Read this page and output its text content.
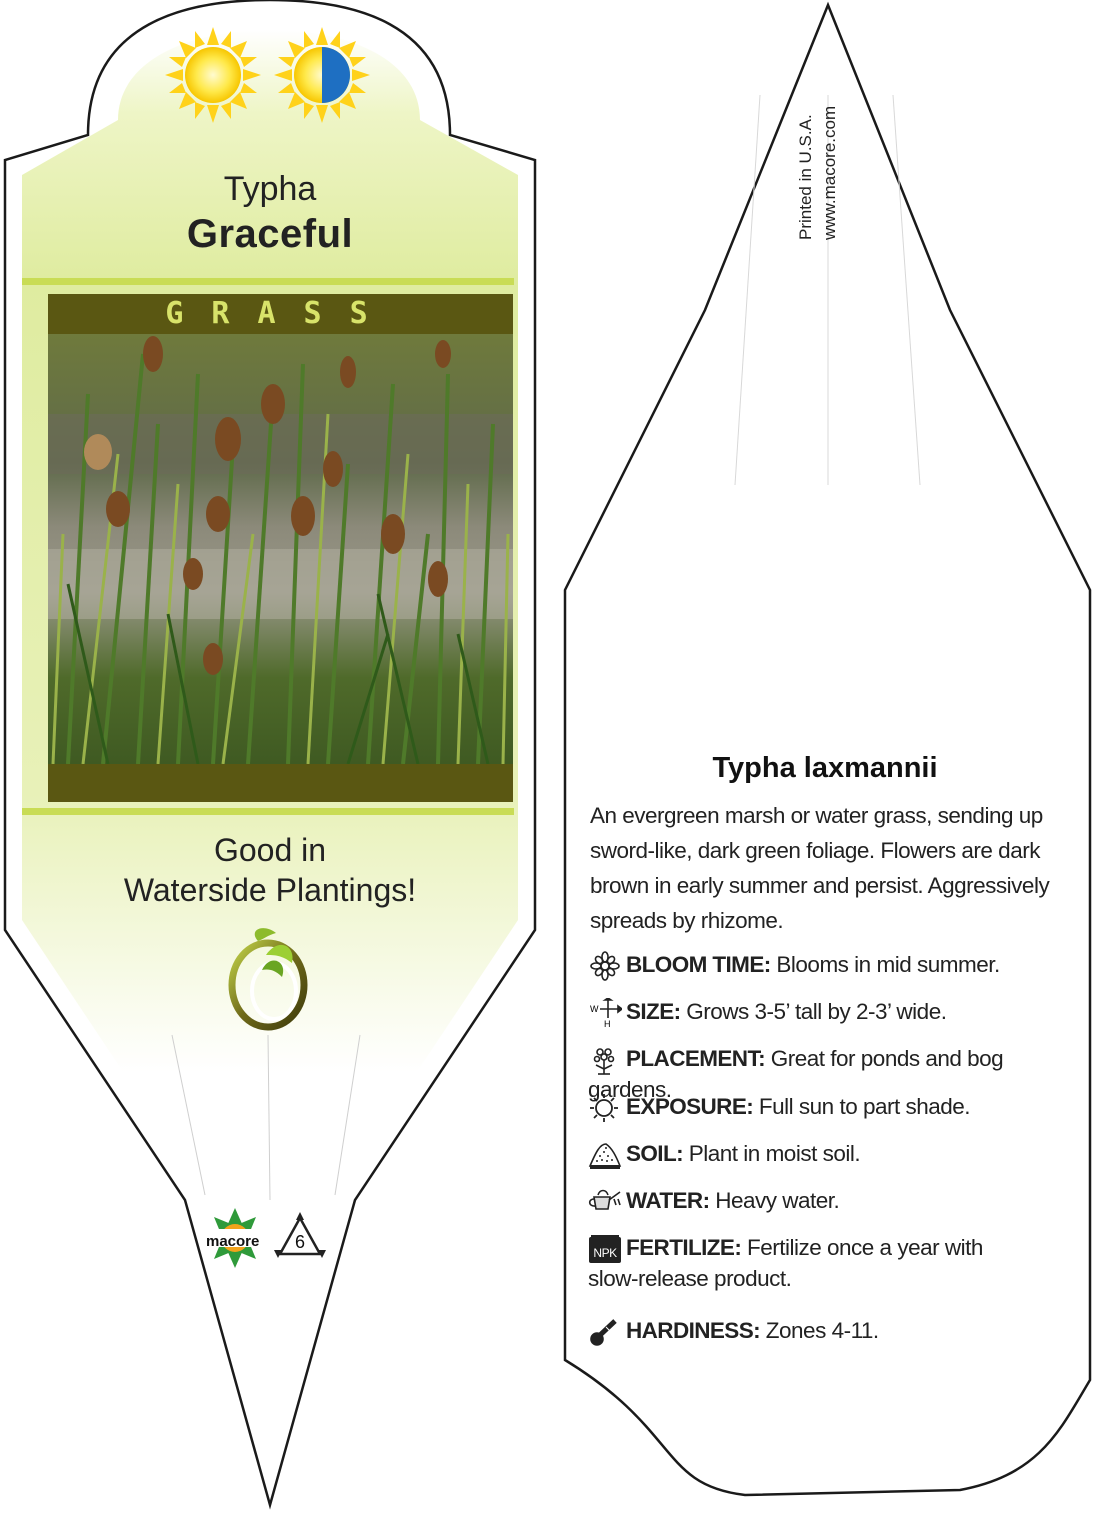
Typha
Graceful
GRASS
Good in
Waterside Plantings!
macore 6
Printed in U.S.A. www.macore.com
Typha laxmannii
An evergreen marsh or water grass, sending up sword-like, dark green foliage. Flowers are dark brown in early summer and persist. Aggressively spreads by rhizome.
BLOOM TIME: Blooms in mid summer.
W
H
SIZE: Grows 3-5’ tall by 2-3’ wide.
PLACEMENT: Great for ponds and bog gardens.
EXPOSURE: Full sun to part shade.
SOIL: Plant in moist soil.
WATER: Heavy water.
NPK FERTILIZE: Fertilize once a year with
slow-release product.
HARDINESS: Zones 4-11.
